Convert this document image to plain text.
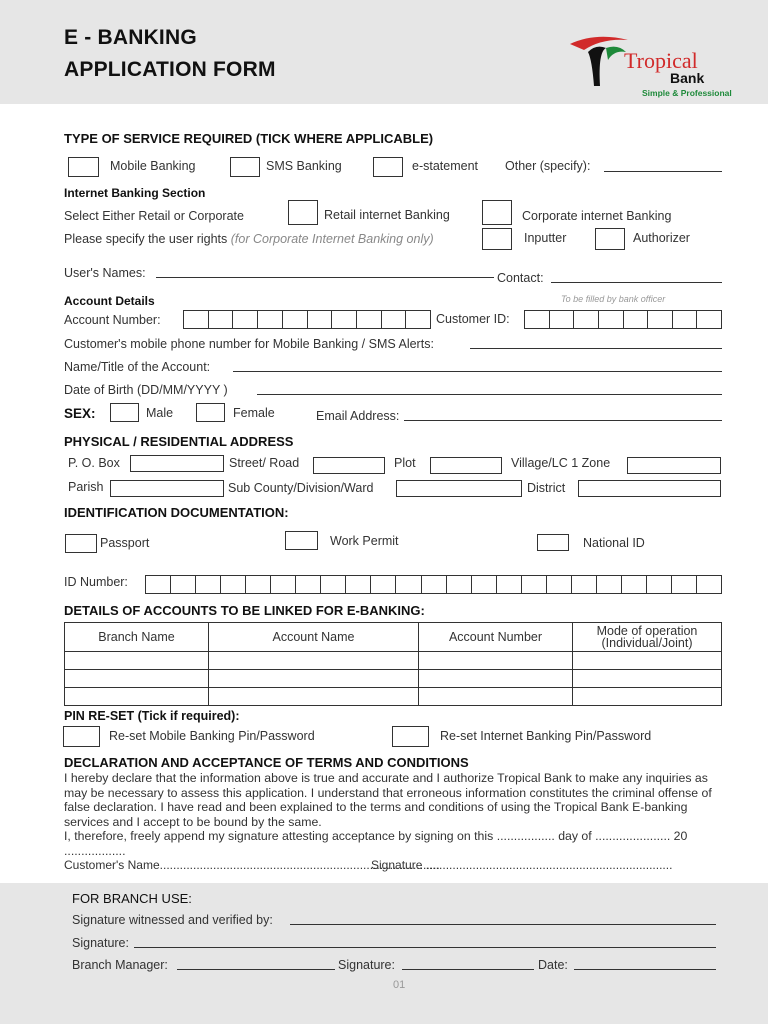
E - BANKING
APPLICATION FORM	Tropical
Bank
Simple & Professional
TYPE OF SERVICE REQUIRED (TICK WHERE APPLICABLE)
Mobile Banking	SMS Banking	e-statement Other (specify):
Internet Banking Section
Select Either Retail or Corporate	Retail internet Banking	Corporate internet Banking
Please specify the user rights (for Corporate Internet Banking only)	Inputter	Authorizer
User's Names:	Contact:
Account Details	To be filled by bank officer
Account Number:	Customer ID:
Customer's mobile phone number for Mobile Banking / SMS Alerts:
Name/Title of the Account:
Date of Birth (DD/MM/YYYY )
SEX:	Male	Female	Email Address:
PHYSICAL / RESIDENTIAL ADDRESS
P. O. Box	Street/ Road	Plot	Village/LC 1 Zone
Parish	Sub County/Division/Ward	District
IDENTIFICATION DOCUMENTATION:
Passport	Work Permit	National ID
ID Number:
DETAILS OF ACCOUNTS TO BE LINKED FOR E-BANKING:
Branch Name	Account Name	Account Number	Mode of operation
(Individual/Joint)

PIN RE-SET (Tick if required):
Re-set Mobile Banking Pin/Password	Re-set Internet Banking Pin/Password
DECLARATION AND ACCEPTANCE OF TERMS AND CONDITIONS

I hereby declare that the information above is true and accurate and I authorize Tropical Bank to make any inquiries as may be necessary to assess this application. I understand that erroneous information constitutes the criminal offense of false declaration. I have read and been explained to the terms and conditions of using the Tropical Bank E-banking services and I accept to be bound by the same.

I, therefore, freely append my signature attesting acceptance by signing on this ................. day of ...................... 20 ..................

Customer's Name....................................................................................
Signature ..........................................................................
FOR BRANCH USE:
Signature witnessed and verified by:
Signature:
Branch Manager:	Signature:	Date:
01
